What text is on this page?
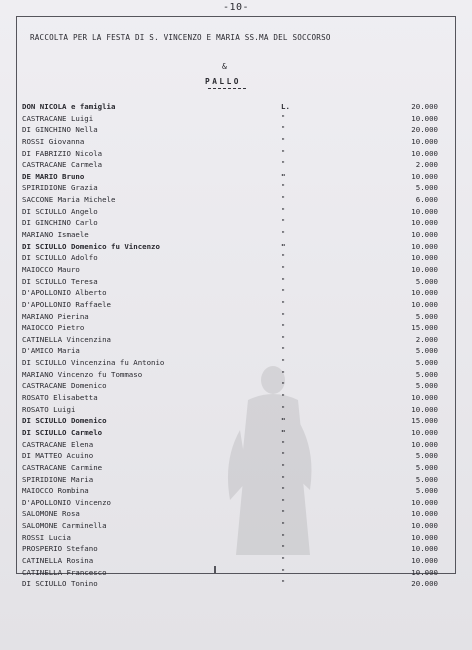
-10-
RACCOLTA PER LA FESTA DI S. VINCENZO E MARIA SS.MA DEL SOCCORSO
&
PALLO
DON NICOLA e famiglia	L.	20.000
CASTRACANE Luigi	"	10.000
DI GINCHINO Nella	"	20.000
ROSSI Giovanna	"	10.000
DI FABRIZIO Nicola	"	10.000
CASTRACANE Carmela	"	2.000
DE MARIO Bruno	"	10.000
SPIRIDIONE Grazia	"	5.000
SACCONE Maria Michele	"	6.000
DI SCIULLO Angelo	"	10.000
DI GINCHINO Carlo	"	10.000
MARIANO Ismaele	"	10.000
DI SCIULLO Domenico fu Vincenzo	"	10.000
DI SCIULLO Adolfo	"	10.000
MAIOCCO Mauro	"	10.000
DI SCIULLO Teresa	"	5.000
D'APOLLONIO Alberto	"	10.000
D'APOLLONIO Raffaele	"	10.000
MARIANO Pierina	"	5.000
MAIOCCO Pietro	"	15.000
CATINELLA Vincenzina	"	2.000
D'AMICO Maria	"	5.000
DI SCIULLO Vincenzina fu Antonio	"	5.000
MARIANO Vincenzo fu Tommaso	"	5.000
CASTRACANE Domenico	"	5.000
ROSATO Elisabetta	"	10.000
ROSATO Luigi	"	10.000
DI SCIULLO Domenico	"	15.000
DI SCIULLO Carmelo	"	10.000
CASTRACANE Elena	"	10.000
DI MATTEO Acuino	"	5.000
CASTRACANE Carmine	"	5.000
SPIRIDIONE Maria	"	5.000
MAIOCCO Rombina	"	5.000
D'APOLLONIO Vincenzo	"	10.000
SALOMONE Rosa	"	10.000
SALOMONE Carminella	"	10.000
ROSSI Lucia	"	10.000
PROSPERIO Stefano	"	10.000
CATINELLA Rosina	"	10.000
CATINELLA Francesco	"	10.000
DI SCIULLO Tonino	"	20.000
